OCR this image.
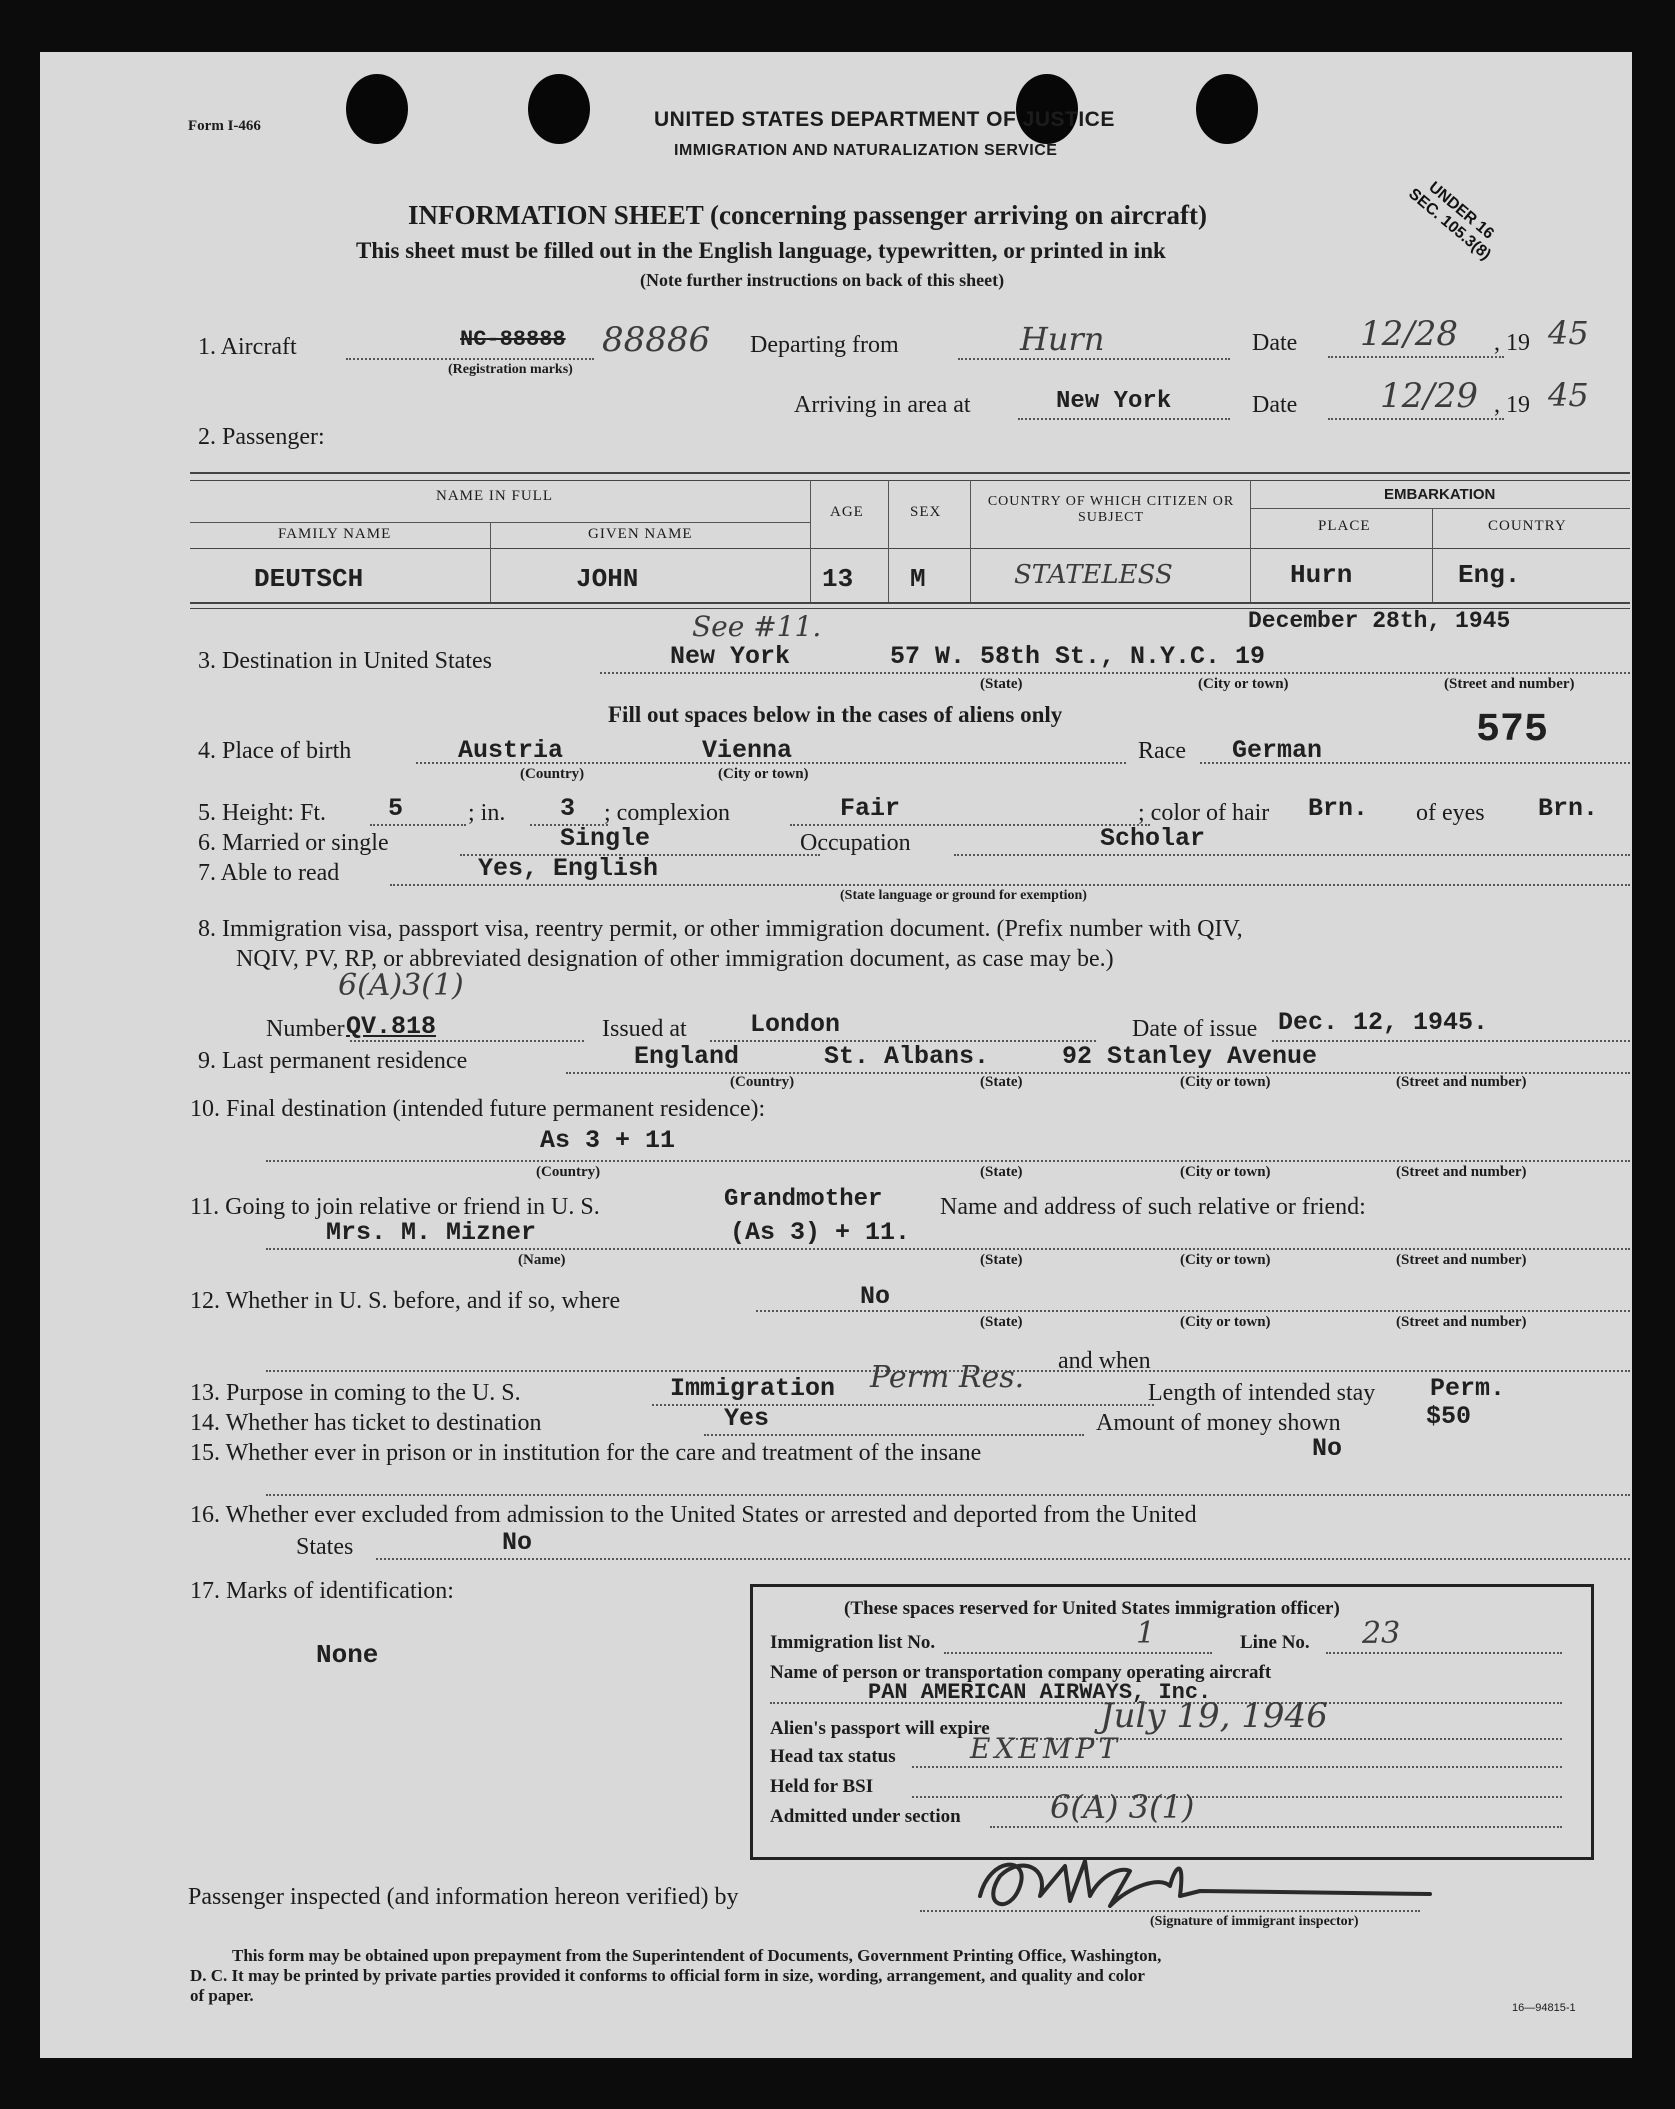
Form I-466	UNITED STATES DEPARTMENT OF JUSTICE
IMMIGRATION AND NATURALIZATION SERVICE
UNDER 16 SEC. 105.3(8)
INFORMATION SHEET (concerning passenger arriving on aircraft)
This sheet must be filled out in the English language, typewritten, or printed in ink
(Note further instructions on back of this sheet)
1. Aircraft	NC-88888 88886
(Registration marks)
Departing from	Hurn	Date 12/28 , 19 45
Arriving in area at	New York	Date 12/29 , 19 45
2. Passenger:
NAME IN FULL
FAMILY NAME	GIVEN NAME
AGE	SEX
COUNTRY OF WHICH CITIZEN OR SUBJECT
EMBARKATION
PLACE	COUNTRY
DEUTSCH	JOHN	13 M	STATELESS	Hurn	Eng.
See #11.	December 28th, 1945
3. Destination in United States	New York	57 W. 58th St., N.Y.C. 19
(State)	(City or town)	(Street and number)
Fill out spaces below in the cases of aliens only	575
4. Place of birth	Austria	Vienna
(Country)	(City or town)
Race German
5. Height: Ft. 5	; in. 3 ; complexion	Fair	; color of hair Brn. of eyes Brn.
6. Married or single	Single	Occupation	Scholar
7. Able to read	Yes, English
(State language or ground for exemption)
8. Immigration visa, passport visa, reentry permit, or other immigration document. (Prefix number with QIV,
NQIV, PV, RP, or abbreviated designation of other immigration document, as case may be.)
6(A)3(1)
Number QV.818	Issued at	London	Date of issue Dec. 12, 1945.
9. Last permanent residence	England	St. Albans.	92 Stanley Avenue
(Country)	(State)	(City or town)	(Street and number)
10. Final destination (intended future permanent residence):
As 3 + 11
(Country)	(State)	(City or town)	(Street and number)
11. Going to join relative or friend in U. S.	Grandmother Name and address of such relative or friend:
Mrs. M. Mizner	(As 3) + 11.
(Name)	(State)	(City or town)	(Street and number)
12. Whether in U. S. before, and if so, where	No
(State)	(City or town)	(Street and number)
and when
13. Purpose in coming to the U. S.	Immigration Perm Res.	Length of intended stay Perm.
14. Whether has ticket to destination	Yes	Amount of money shown	$50
15. Whether ever in prison or in institution for the care and treatment of the insane	No
16. Whether ever excluded from admission to the United States or arrested and deported from the United
States	No
17. Marks of identification:
None
(These spaces reserved for United States immigration officer)
Immigration list No.	1	Line No. 23
Name of person or transportation company operating aircraft
PAN AMERICAN AIRWAYS, Inc.
Alien's passport will expire	July 19, 1946
Head tax status	EXEMPT
Held for BSI
Admitted under section	6(A) 3(1)
Passenger inspected (and information hereon verified) by
(Signature of immigrant inspector)
This form may be obtained upon prepayment from the Superintendent of Documents, Government Printing Office, Washington,
D. C. It may be printed by private parties provided it conforms to official form in size, wording, arrangement, and quality and color
of paper.
16—94815-1
